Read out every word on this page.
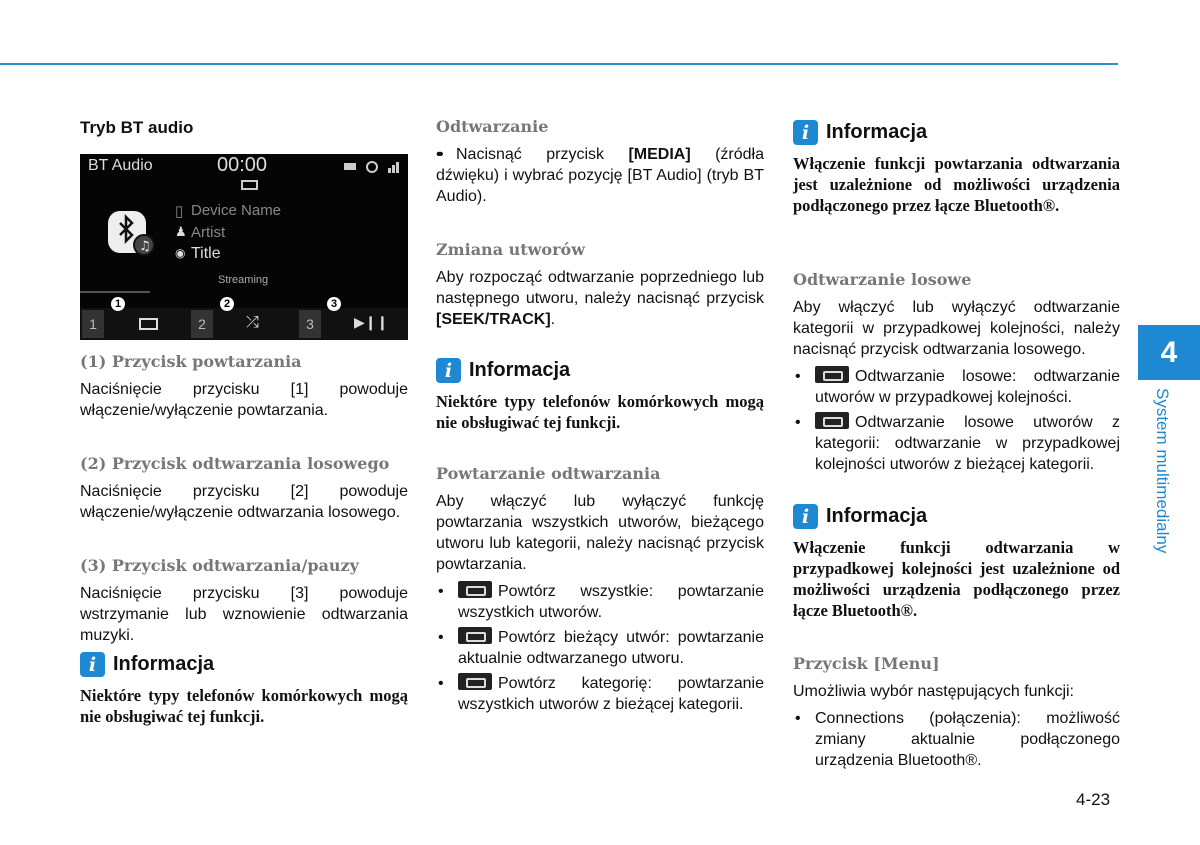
Tryb BT audio
BT Audio	00:00
♫
▯ Device Name
♟ Artist
◉ Title
Streaming
1	2	⤮	3	▶❙❙
1	2	3
(1) Przycisk powtarzania

Naciśnięcie przycisku [1] powoduje włączenie/wyłączenie powtarzania.

(2) Przycisk odtwarzania losowego

Naciśnięcie przycisku [2] powoduje włączenie/wyłączenie odtwarzania losowego.

(3) Przycisk odtwarzania/pauzy

Naciśnięcie przycisku [3] powoduje wstrzymanie lub wznowienie odtwarzania muzyki.

i Informacja

Niektóre typy telefonów komórkowych mogą nie obsługiwać tej funkcji.

Odtwarzanie
• • Nacisnąć przycisk [MEDIA] (źródła dźwięku) i wybrać pozycję [BT Audio] (tryb BT Audio).
Zmiana utworów

Aby rozpocząć odtwarzanie poprzedniego lub następnego utworu, należy nacisnąć przycisk [SEEK/TRACK].

i Informacja

Niektóre typy telefonów komórkowych mogą nie obsługiwać tej funkcji.

Powtarzanie odtwarzania

Aby włączyć lub wyłączyć funkcję powtarzania wszystkich utworów, bieżącego utworu lub kategorii, należy nacisnąć przycisk powtarzania.

• Powtórz wszystkie: powtarzanie wszystkich utworów.
• Powtórz bieżący utwór: powtarzanie aktualnie odtwarzanego utworu.
• Powtórz kategorię: powtarzanie wszystkich utworów z bieżącej kategorii.
i Informacja

Włączenie funkcji powtarzania odtwarzania jest uzależnione od możliwości urządzenia podłączonego przez łącze Bluetooth®.

Odtwarzanie losowe

Aby włączyć lub wyłączyć odtwarzanie kategorii w przypadkowej kolejności, należy nacisnąć przycisk odtwarzania losowego.

• Odtwarzanie losowe: odtwarzanie utworów w przypadkowej kolejności.
• Odtwarzanie losowe utworów z kategorii: odtwarzanie w przypadkowej kolejności utworów z bieżącej kategorii.
i Informacja

Włączenie funkcji odtwarzania w przypadkowej kolejności jest uzależnione od możliwości urządzenia podłączonego przez łącze Bluetooth®.

Przycisk [Menu]

Umożliwia wybór następujących funkcji:

• Connections (połączenia): możliwość zmiany aktualnie podłączonego urządzenia Bluetooth®.
4
System multimedialny
4-23
